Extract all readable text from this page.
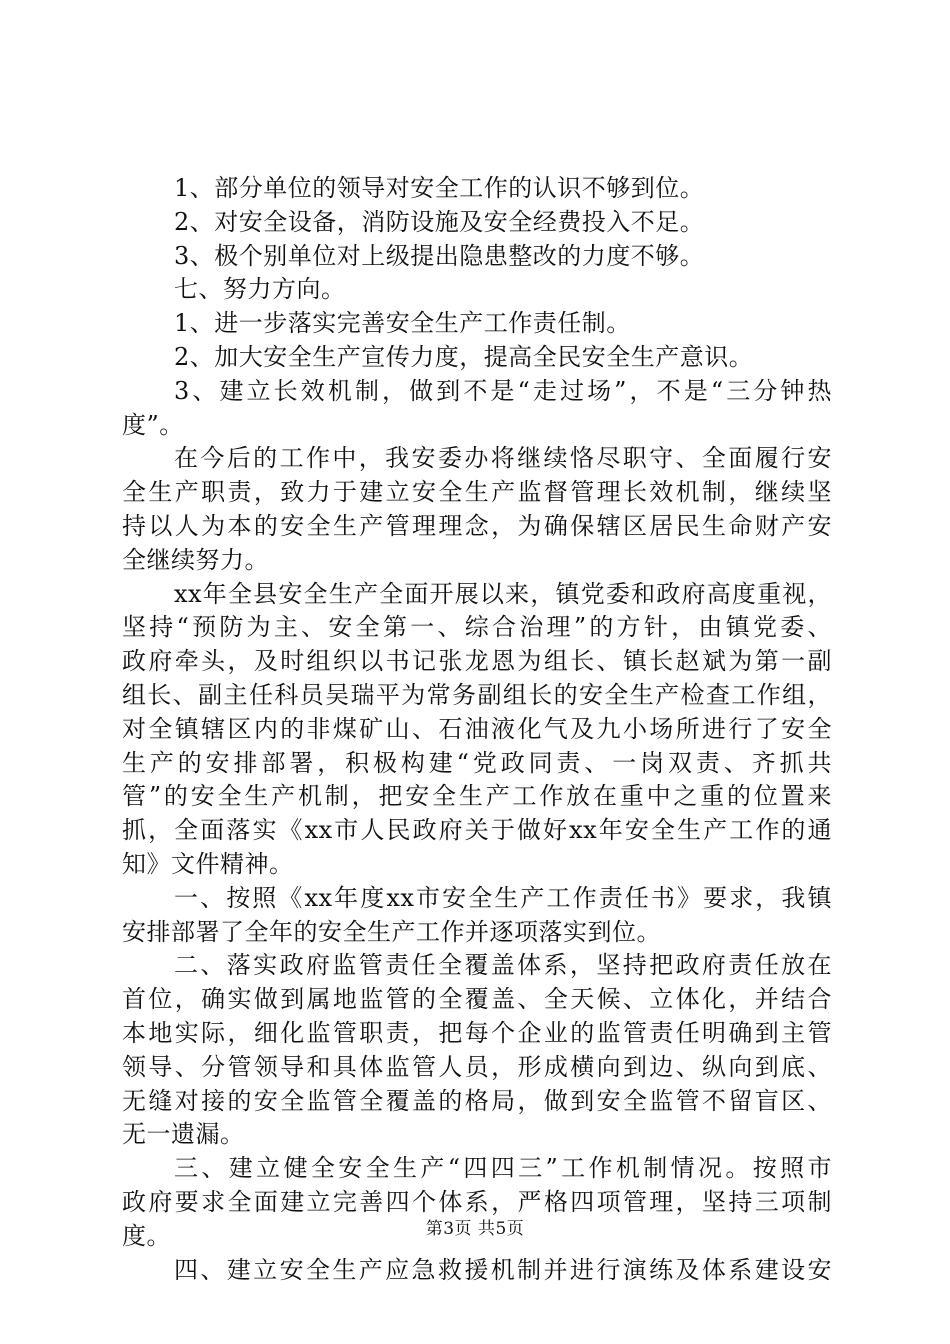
1、部分单位的领导对安全工作的认识不够到位。
2、对安全设备，消防设施及安全经费投入不足。
3、极个别单位对上级提出隐患整改的力度不够。
七、努力方向。
1、进一步落实完善安全生产工作责任制。
2、加大安全生产宣传力度，提高全民安全生产意识。
3、建立长效机制，做到不是“走过场”，不是“三分钟热
度”。
在今后的工作中，我安委办将继续恪尽职守、全面履行安
全生产职责，致力于建立安全生产监督管理长效机制，继续坚
持以人为本的安全生产管理理念，为确保辖区居民生命财产安
全继续努力。
xx年全县安全生产全面开展以来，镇党委和政府高度重视，
坚持“预防为主、安全第一、综合治理”的方针，由镇党委、
政府牵头，及时组织以书记张龙恩为组长、镇长赵斌为第一副
组长、副主任科员吴瑞平为常务副组长的安全生产检查工作组，
对全镇辖区内的非煤矿山、石油液化气及九小场所进行了安全
生产的安排部署，积极构建“党政同责、一岗双责、齐抓共
管”的安全生产机制，把安全生产工作放在重中之重的位置来
抓，全面落实《xx市人民政府关于做好xx年安全生产工作的通
知》文件精神。
一、按照《xx年度xx市安全生产工作责任书》要求，我镇
安排部署了全年的安全生产工作并逐项落实到位。
二、落实政府监管责任全覆盖体系，坚持把政府责任放在
首位，确实做到属地监管的全覆盖、全天候、立体化，并结合
本地实际，细化监管职责，把每个企业的监管责任明确到主管
领导、分管领导和具体监管人员，形成横向到边、纵向到底、
无缝对接的安全监管全覆盖的格局，做到安全监管不留盲区、
无一遗漏。
三、建立健全安全生产“四四三”工作机制情况。按照市
政府要求全面建立完善四个体系，严格四项管理，坚持三项制
度。
四、建立安全生产应急救援机制并进行演练及体系建设安
第3页 共5页
